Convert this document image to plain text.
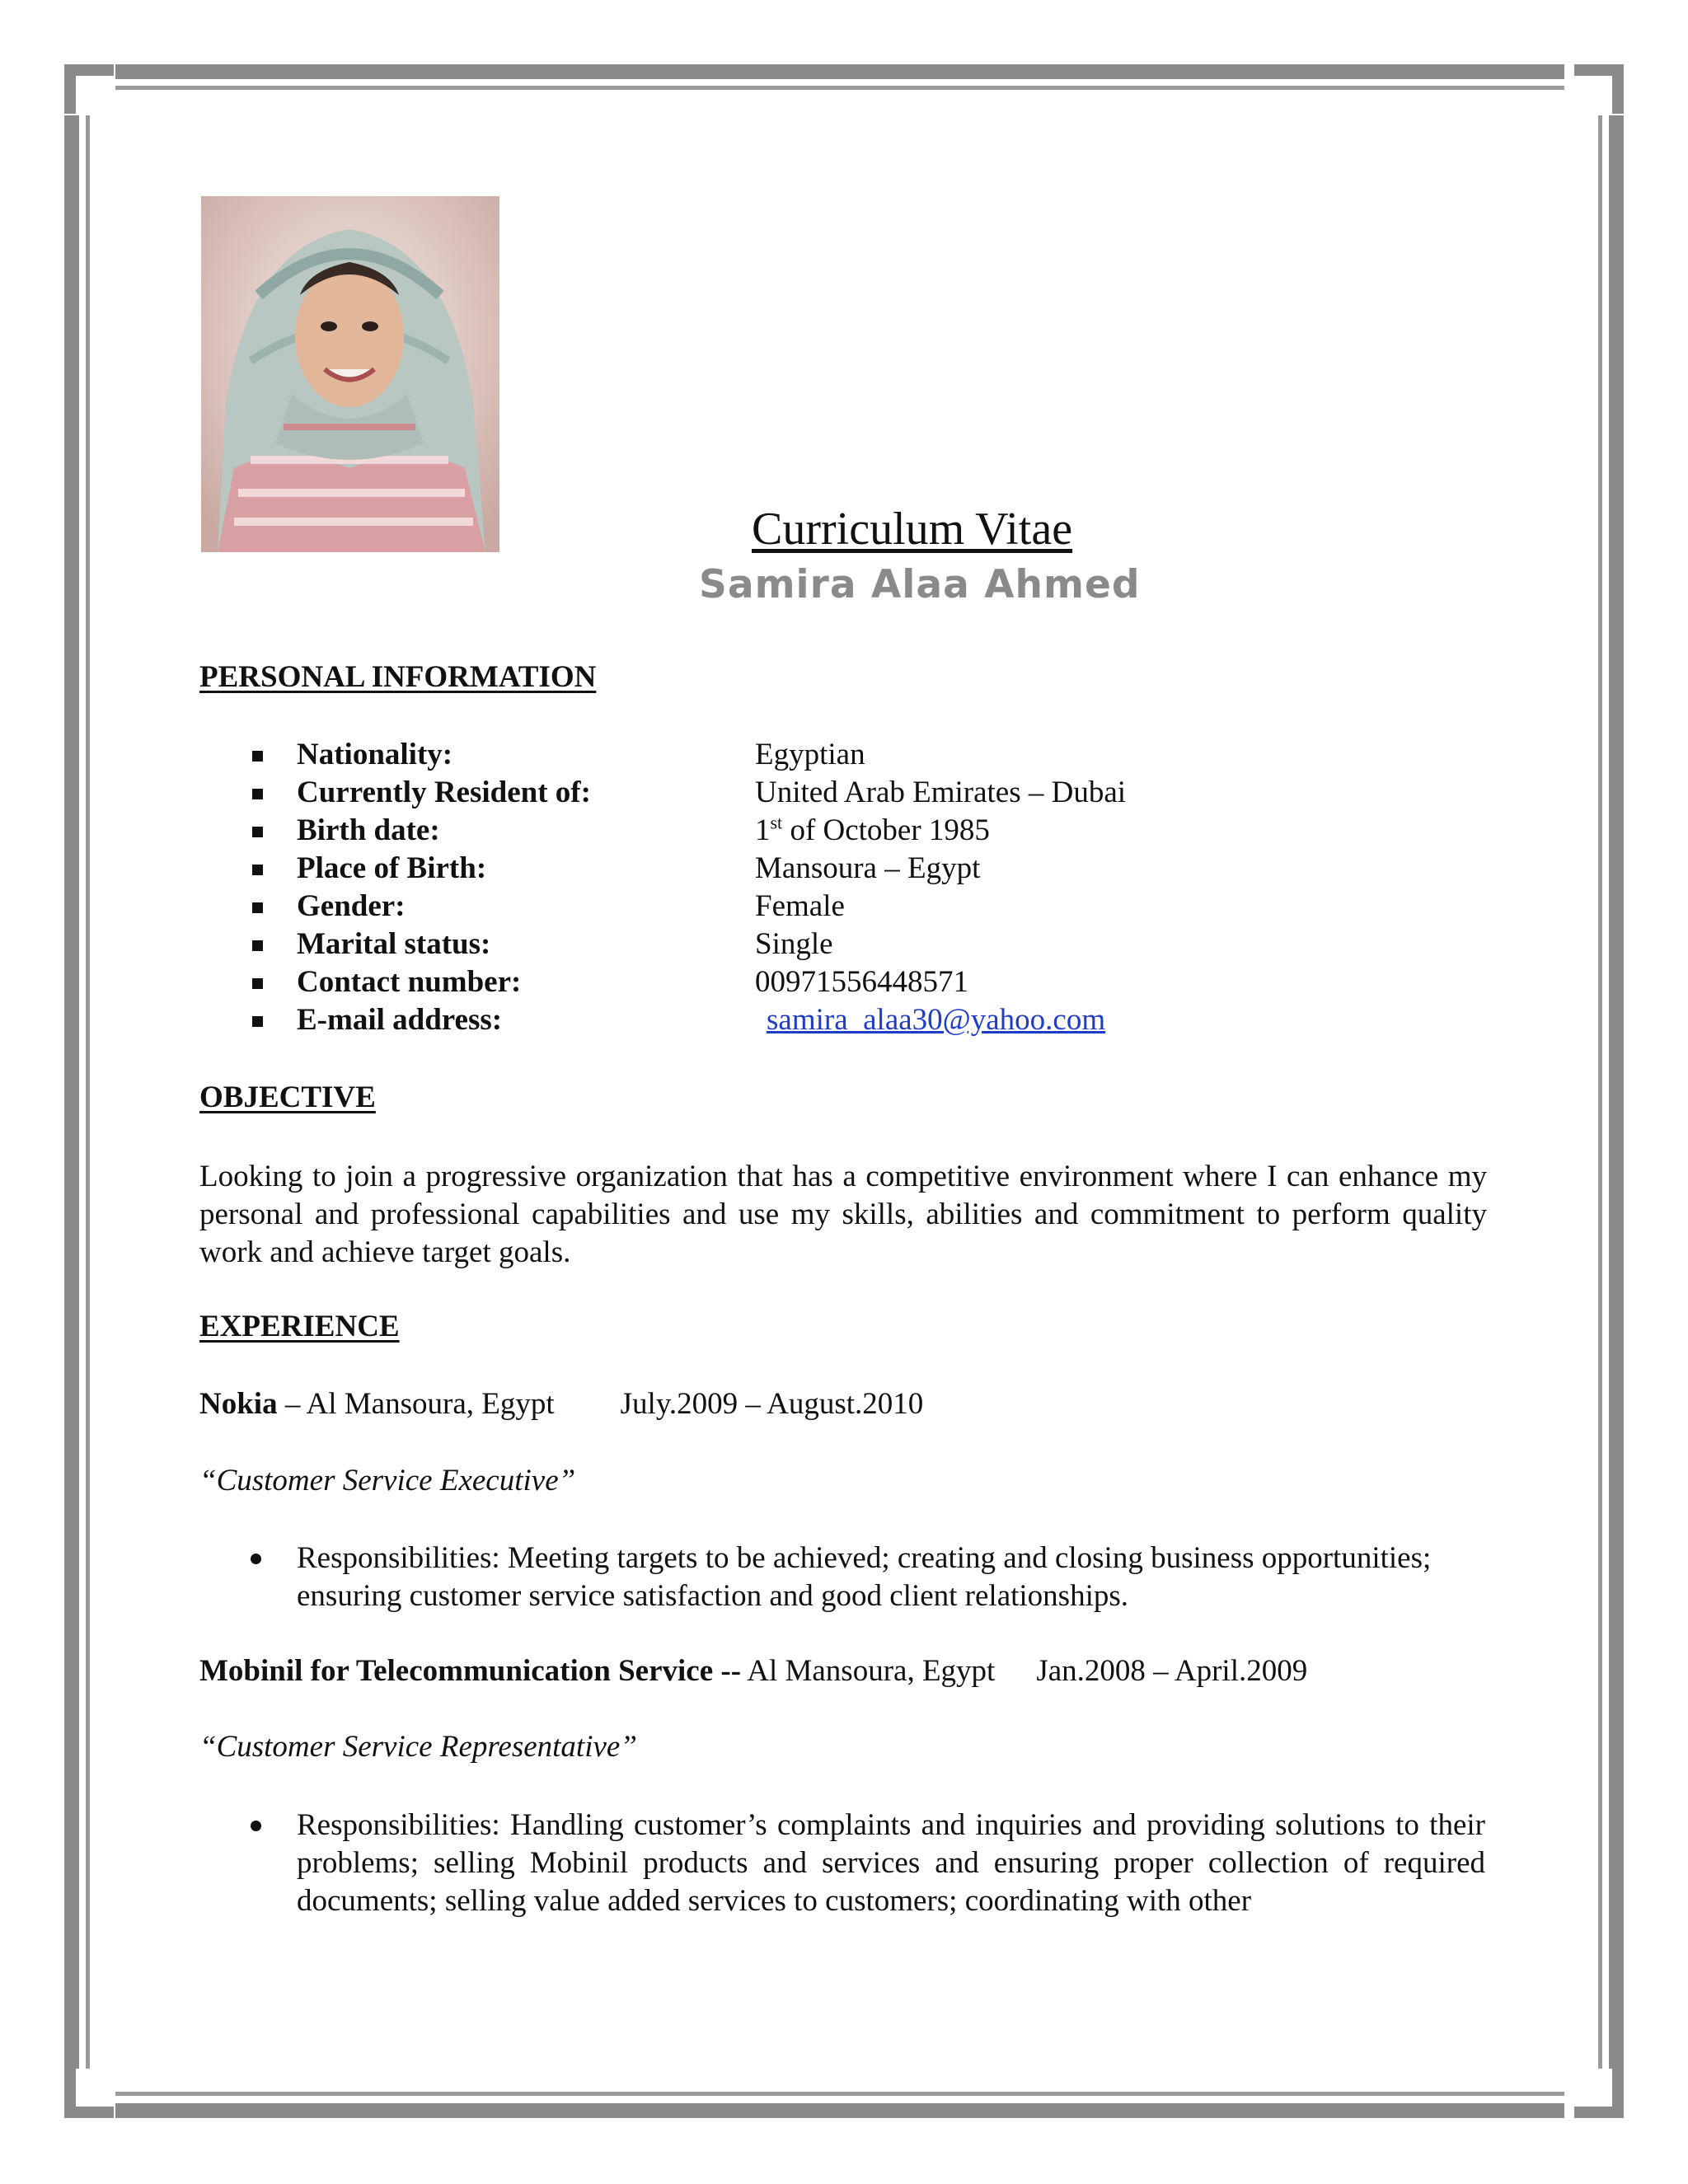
Curriculum Vitae
Samira Alaa Ahmed
PERSONAL INFORMATION
Nationality:	Egyptian
Currently Resident of:	United Arab Emirates – Dubai
Birth date:	1st of October 1985
Place of Birth:	Mansoura – Egypt
Gender:	Female
Marital status:	Single
Contact number:	00971556448571
E-mail address:	samira_alaa30@yahoo.com
OBJECTIVE
Looking to join a progressive organization that has a competitive environment where I can enhance my personal and professional capabilities and use my skills, abilities and commitment to perform quality work and achieve target goals.
EXPERIENCE
Nokia – Al Mansoura, Egypt July.2009 – August.2010
“Customer Service Executive”
Responsibilities: Meeting targets to be achieved; creating and closing business opportunities; ensuring customer service satisfaction and good client relationships.
Mobinil for Telecommunication Service -- Al Mansoura, Egypt Jan.2008 – April.2009
“Customer Service Representative”
Responsibilities: Handling customer’s complaints and inquiries and providing solutions to their problems; selling Mobinil products and services and ensuring proper collection of required documents; selling value added services to customers; coordinating with other
